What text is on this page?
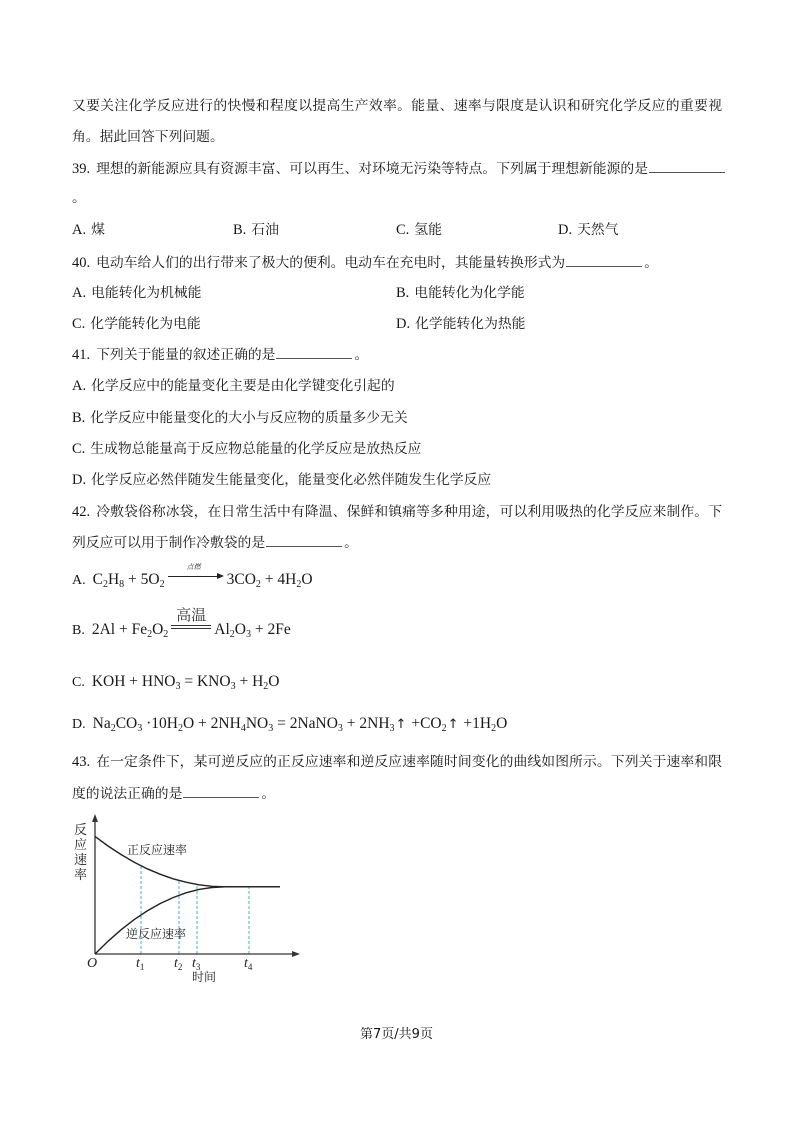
又要关注化学反应进行的快慢和程度以提高生产效率。能量、速率与限度是认识和研究化学反应的重要视
角。据此回答下列问题。
39. 理想的新能源应具有资源丰富、可以再生、对环境无污染等特点。下列属于理想新能源的是
。
A. 煤	B. 石油	C. 氢能	D. 天然气
40. 电动车给人们的出行带来了极大的便利。电动车在充电时，其能量转换形式为	。
A. 电能转化为机械能	B. 电能转化为化学能
C. 化学能转化为电能	D. 化学能转化为热能
41. 下列关于能量的叙述正确的是	。
A. 化学反应中的能量变化主要是由化学键变化引起的
B. 化学反应中能量变化的大小与反应物的质量多少无关
C. 生成物总能量高于反应物总能量的化学反应是放热反应
D. 化学反应必然伴随发生能量变化，能量变化必然伴随发生化学反应
42. 冷敷袋俗称冰袋，在日常生活中有降温、保鲜和镇痛等多种用途，可以利用吸热的化学反应来制作。下
列反应可以用于制作冷敷袋的是	。
A. $C_2H_8 + 5O_2$
点燃
$3CO_2 + 4H_2O$
B. $2Al + Fe_2O_2$
高温
$Al_2O_3 + 2Fe$
C. KOH + $HNO_3 = KNO_3 + H_2O$
D. $Na_2CO_3 \cdot 10H_2O + 2NH_4NO_3$ = 2NaNO$_3$ + $2NH_3↑$ $+CO_2↑ +1H_2O$
43. 在一定条件下，某可逆反应的正反应速率和逆反应速率随时间变化的曲线如图所示。下列关于速率和限
度的说法正确的是	。
反应速率
正反应速率
逆反应速率
O	$t_1$ $t_2$ $t_3$	$t_4$
时间
第7页/共9页
